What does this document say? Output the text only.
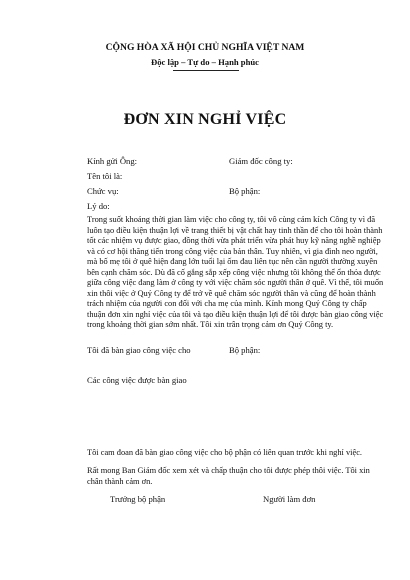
CỘNG HÒA XÃ HỘI CHỦ NGHĨA VIỆT NAM
Độc lập – Tự do – Hạnh phúc
ĐƠN XIN NGHỈ VIỆC
Kính gửi Ông:	Giám đốc công ty:
Tên tôi là:
Chức vụ:	Bộ phận:
Lý do:
Trong suốt khoảng thời gian làm việc cho công ty, tôi vô cùng cảm kích Công ty vì đã
luôn tạo điều kiện thuận lợi về trang thiết bị vật chất hay tinh thần để cho tôi hoàn thành
tốt các nhiệm vụ được giao, đồng thời vừa phát triển vừa phát huy kỹ năng nghề nghiệp
và có cơ hội thăng tiến trong công việc của bản thân. Tuy nhiên, vì gia đình neo người,
mà bố mẹ tôi ở quê hiện đang lớn tuổi lại ốm đau liên tục nên cần người thường xuyên
bên cạnh chăm sóc. Dù đã cố gắng sắp xếp công việc nhưng tôi không thể ổn thỏa được
giữa công việc đang làm ở công ty với việc chăm sóc người thân ở quê. Vì thế, tôi muốn
xin thôi việc ở Quý Công ty để trở về quê chăm sóc người thân và cũng để hoàn thành
trách nhiệm của người con đối với cha mẹ của mình. Kính mong Quý Công ty chấp
thuận đơn xin nghỉ việc của tôi và tạo điều kiện thuận lợi để tôi được bàn giao công việc
trong khoảng thời gian sớm nhất. Tôi xin trân trọng cảm ơn Quý Công ty.
Tôi đã bàn giao công việc cho	Bộ phận:
Các công việc được bàn giao
Tôi cam đoan đã bàn giao công việc cho bộ phận có liên quan trước khi nghỉ việc.
Rất mong Ban Giám đốc xem xét và chấp thuận cho tôi được phép thôi việc. Tôi xin
chân thành cảm ơn.
Trưởng bộ phận	Người làm đơn
